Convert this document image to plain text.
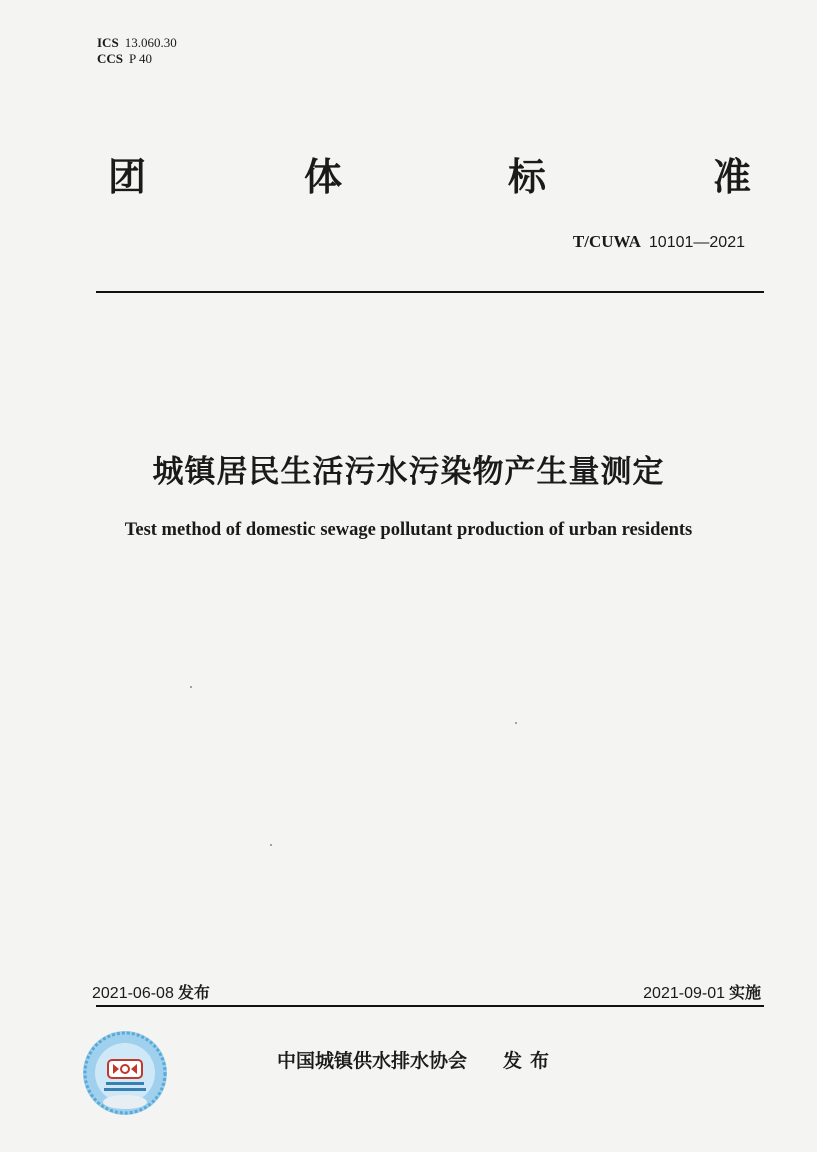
ICS 13.060.30
CCS P 40
团	体	标	准
T/CUWA 10101—2021
城镇居民生活污水污染物产生量测定
Test method of domestic sewage pollutant production of urban residents
2021-06-08 发布	2021-09-01 实施
中国城镇供水排水协会 发布
